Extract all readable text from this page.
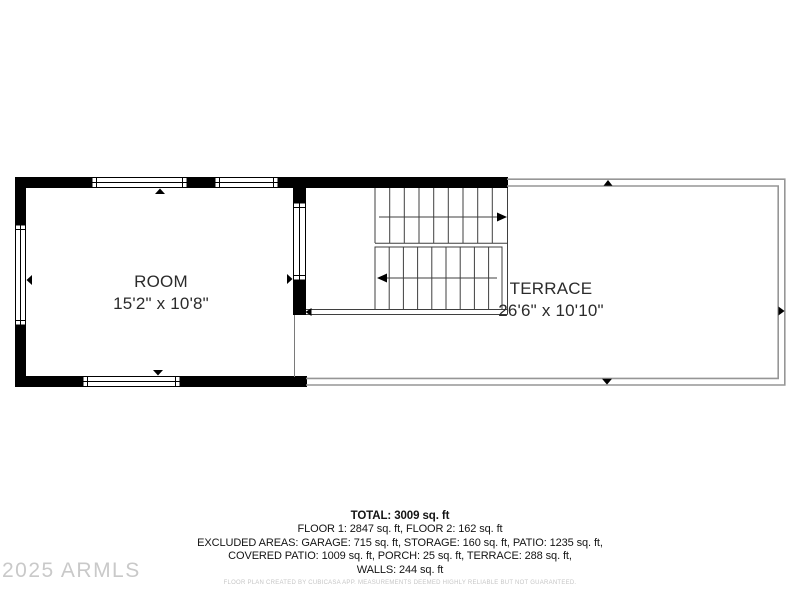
ROOM
15'2" x 10'8"
TERRACE
26'6" x 10'10"
TOTAL: 3009 sq. ft
FLOOR 1: 2847 sq. ft, FLOOR 2: 162 sq. ft
EXCLUDED AREAS: GARAGE: 715 sq. ft, STORAGE: 160 sq. ft, PATIO: 1235 sq. ft,
COVERED PATIO: 1009 sq. ft, PORCH: 25 sq. ft, TERRACE: 288 sq. ft,
WALLS: 244 sq. ft
FLOOR PLAN CREATED BY CUBICASA APP. MEASUREMENTS DEEMED HIGHLY RELIABLE BUT NOT GUARANTEED.
2025 ARMLS
